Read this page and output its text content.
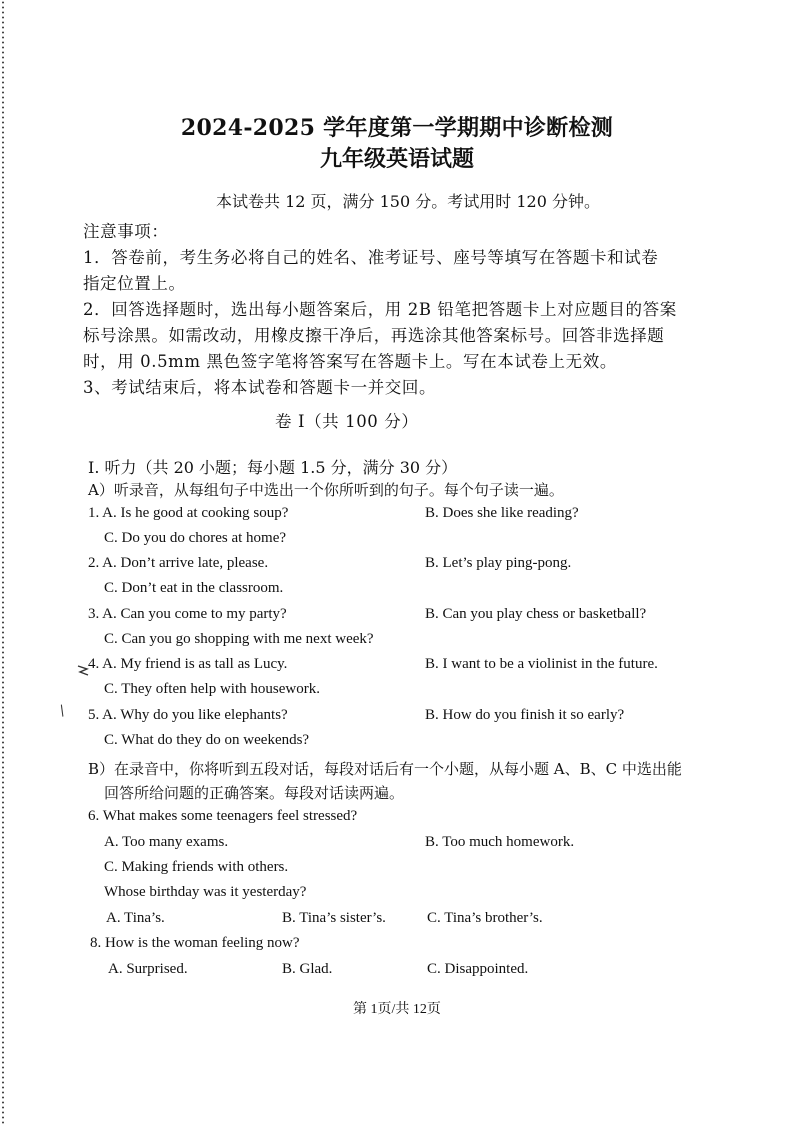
2024-2025 学年度第一学期期中诊断检测
九年级英语试题
本试卷共 12 页，满分 150 分。考试用时 120 分钟。
注意事项：
1．答卷前，考生务必将自己的姓名、准考证号、座号等填写在答题卡和试卷
指定位置上。
2．回答选择题时，选出每小题答案后，用 2B 铅笔把答题卡上对应题目的答案
标号涂黑。如需改动，用橡皮擦干净后，再选涂其他答案标号。回答非选择题
时，用 0.5mm 黑色签字笔将答案写在答题卡上。写在本试卷上无效。
3、考试结束后，将本试卷和答题卡一并交回。
卷 I（共 100 分）
I. 听力（共 20 小题；每小题 1.5 分，满分 30 分）
A）听录音，从每组句子中选出一个你所听到的句子。每个句子读一遍。
1. A. Is he good at cooking soup?	B. Does she like reading?
C. Do you do chores at home?
2. A. Don’t arrive late, please.	B. Let’s play ping-pong.
C. Don’t eat in the classroom.
3. A. Can you come to my party?	B. Can you play chess or basketball?
C. Can you go shopping with me next week?
4. A. My friend is as tall as Lucy.	B. I want to be a violinist in the future.
C. They often help with housework.
/ 5. A. Why do you like elephants?	B. How do you finish it so early?
C. What do they do on weekends?
B）在录音中，你将听到五段对话，每段对话后有一个小题，从每小题 A、B、C 中选出能
回答所给问题的正确答案。每段对话读两遍。
6. What makes some teenagers feel stressed?
A. Too many exams.	B. Too much homework.
C. Making friends with others.
Whose birthday was it yesterday?
A. Tina’s.	B. Tina’s sister’s.	C. Tina’s brother’s.
8. How is the woman feeling now?
A. Surprised.	B. Glad.	C. Disappointed.
第 1页/共 12页
